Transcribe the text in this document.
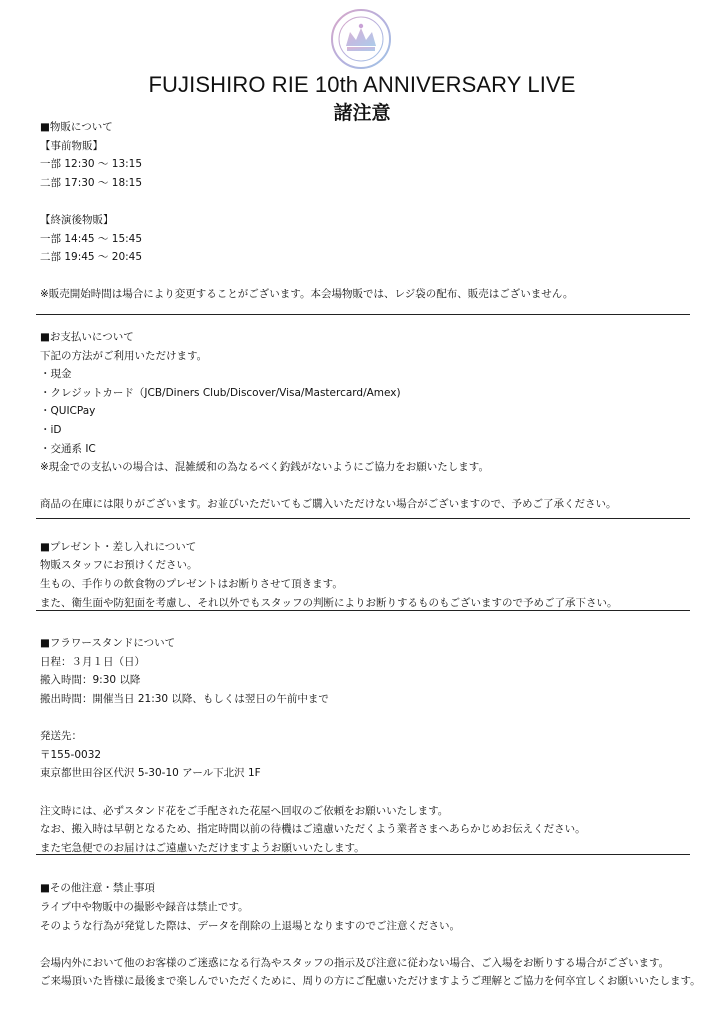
FUJISHIRO RIE 10th ANNIVERSARY LIVE
諸注意
■物販について
【事前物販】
一部 12:30 ～ 13:15
二部 17:30 ～ 18:15
【終演後物販】
一部 14:45 ～ 15:45
二部 19:45 ～ 20:45
※販売開始時間は場合により変更することがございます。本会場物販では、レジ袋の配布、販売はございません。
■お支払いについて
下記の方法がご利用いただけます。
・現金
・クレジットカード（JCB/Diners Club/Discover/Visa/Mastercard/Amex)
・QUICPay
・iD
・交通系 IC
※現金での支払いの場合は、混雑緩和の為なるべく釣銭がないようにご協力をお願いたします。
商品の在庫には限りがございます。お並びいただいてもご購入いただけない場合がございますので、予めご了承ください。
■プレゼント・差し入れについて
物販スタッフにお預けください。
生もの、手作りの飲食物のプレゼントはお断りさせて頂きます。
また、衛生面や防犯面を考慮し、それ以外でもスタッフの判断によりお断りするものもございますので予めご了承下さい。
■フラワースタンドについて
日程：３月１日（日）
搬入時間：9:30 以降
搬出時間：開催当日 21:30 以降、もしくは翌日の午前中まで
発送先：
〒155-0032
東京都世田谷区代沢 5-30-10 アール下北沢 1F
注文時には、必ずスタンド花をご手配された花屋へ回収のご依頼をお願いいたします。
なお、搬入時は早朝となるため、指定時間以前の待機はご遠慮いただくよう業者さまへあらかじめお伝えください。
また宅急便でのお届けはご遠慮いただけますようお願いいたします。
■その他注意・禁止事項
ライブ中や物販中の撮影や録音は禁止です。
そのような行為が発覚した際は、データを削除の上退場となりますのでご注意ください。
会場内外において他のお客様のご迷惑になる行為やスタッフの指示及び注意に従わない場合、ご入場をお断りする場合がございます。
ご来場頂いた皆様に最後まで楽しんでいただくために、周りの方にご配慮いただけますようご理解とご協力を何卒宜しくお願いいたします。
